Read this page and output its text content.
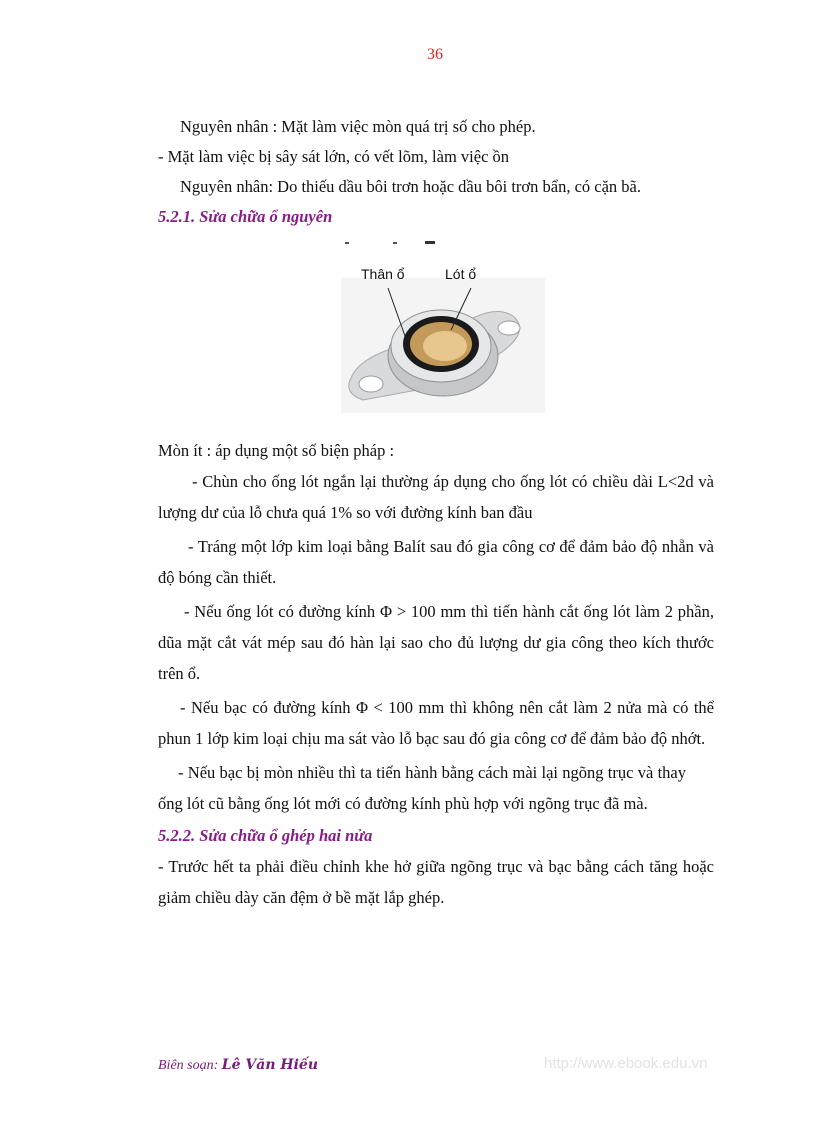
36

Nguyên nhân : Mặt làm việc mòn quá trị số cho phép.

- Mặt làm việc bị sây sát lớn, có vết lõm, làm việc ồn

Nguyên nhân: Do thiếu dầu bôi trơn hoặc dầu bôi trơn bẩn, có cặn bã.

5.2.1. Sửa chữa ổ nguyên

Thân ổ	Lót ổ

Mòn ít : áp dụng một số biện pháp :

- Chùn cho ống lót ngắn lại thường áp dụng cho ống lót có chiều dài L<2d và lượng dư của lỗ chưa quá 1% so với đường kính ban đầu

- Tráng một lớp kim loại bằng Balít sau đó gia công cơ để đảm bảo độ nhẵn và độ bóng cần thiết.

- Nếu ống lót có đường kính Φ > 100 mm thì tiến hành cắt ống lót làm 2 phần, dũa mặt cắt vát mép sau đó hàn lại sao cho đủ lượng dư gia công theo kích thước trên ổ.

- Nếu bạc có đường kính Φ < 100 mm thì không nên cắt làm 2 nửa mà có thể phun 1 lớp kim loại chịu ma sát vào lỗ bạc sau đó gia công cơ để đảm bảo độ nhớt.

- Nếu bạc bị mòn nhiều thì ta tiến hành bằng cách mài lại ngõng trục và thay ống lót cũ bằng ống lót mới có đường kính phù hợp với ngõng trục đã mà.

5.2.2. Sửa chữa ổ ghép hai nửa

- Trước hết ta phải điều chỉnh khe hở giữa ngõng trục và bạc bằng cách tăng hoặc giảm chiều dày căn đệm ở bề mặt lắp ghép.

Biên soạn: Lê Văn Hiếu	http://www.ebook.edu.vn
